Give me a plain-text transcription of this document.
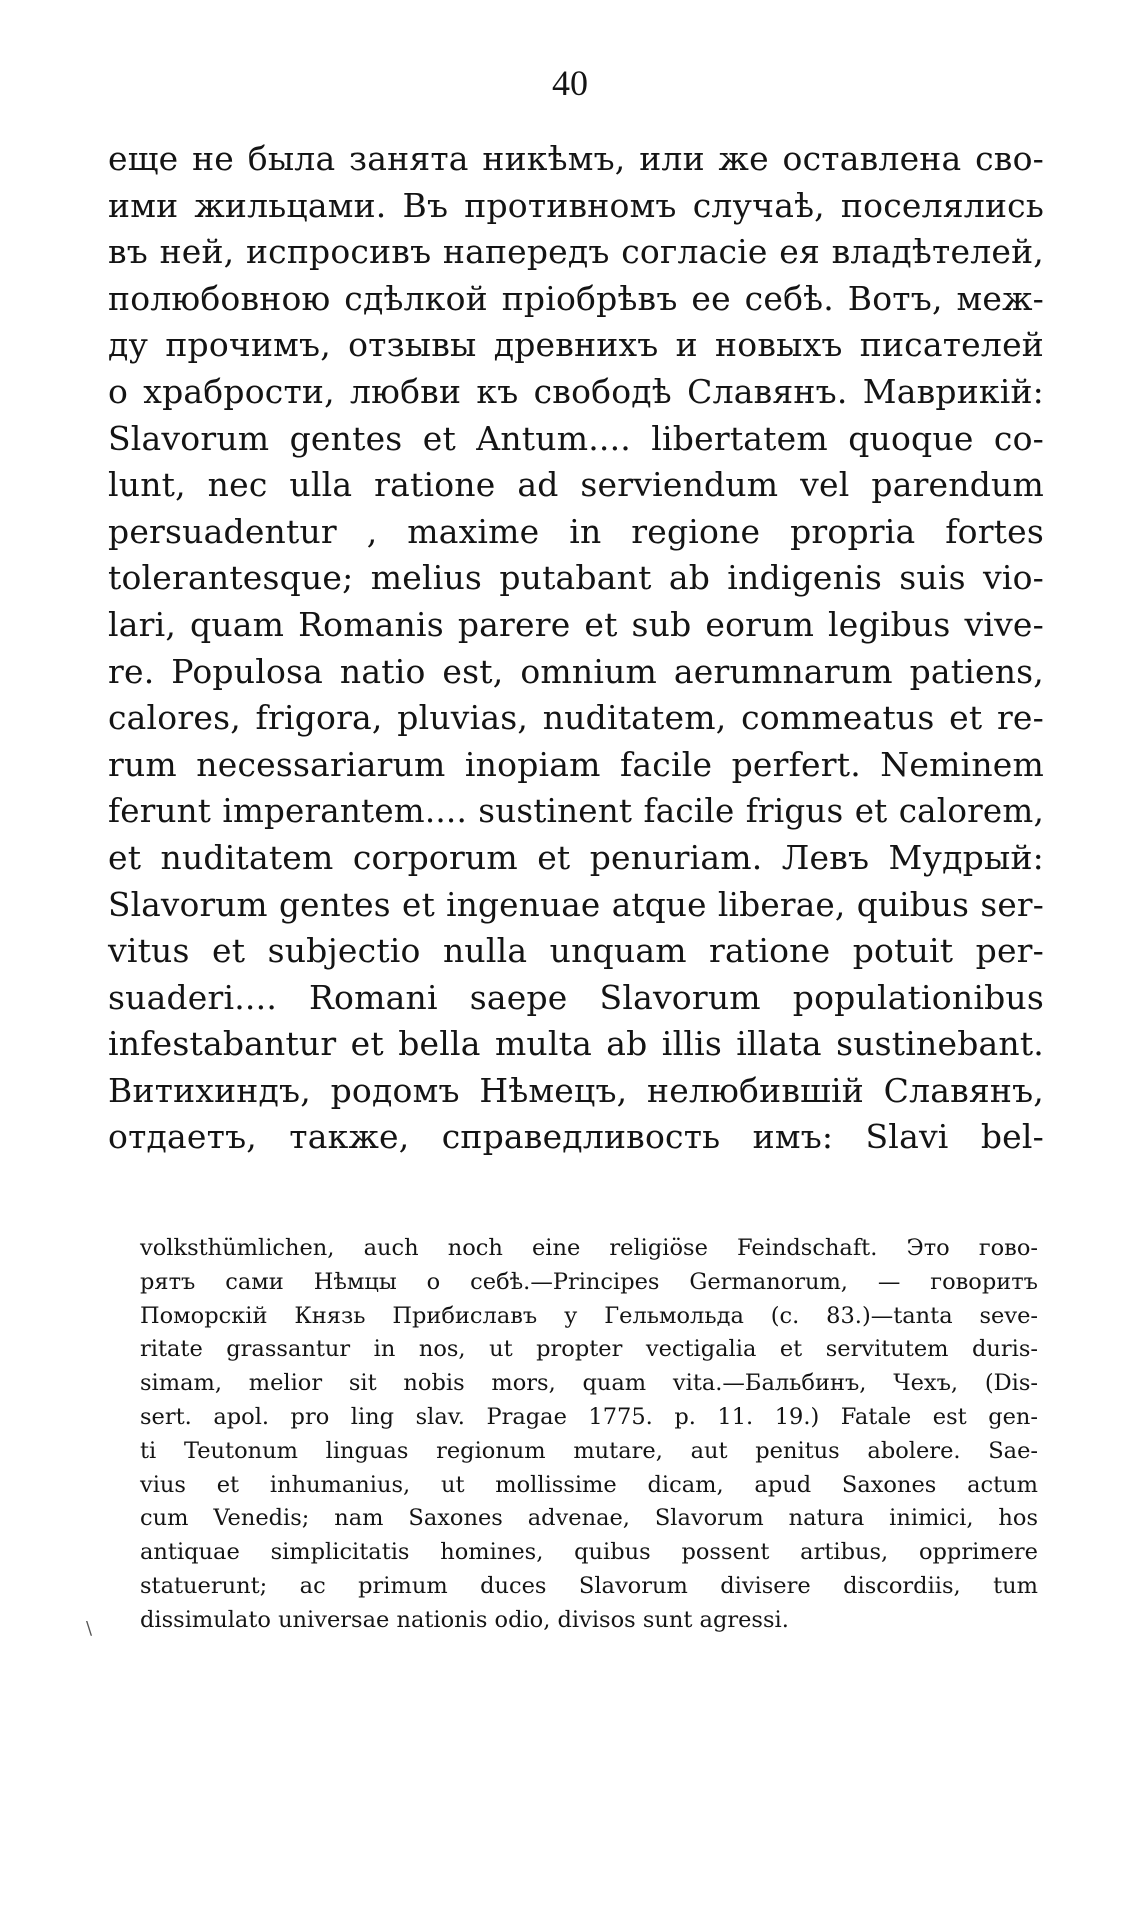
40
еще не была занята никѣмъ, или же оставлена сво-
ими жильцами. Въ противномъ случаѣ, поселялись
въ ней, испросивъ напередъ согласіе ея владѣтелей,
полюбовною сдѣлкой пріобрѣвъ ее себѣ. Вотъ, меж-
ду прочимъ, отзывы древнихъ и новыхъ писателей
о храбрости, любви къ свободѣ Славянъ. Маврикій:
Slavorum gentes et Antum.... libertatem quoque co-
lunt, nec ulla ratione ad serviendum vel parendum
persuadentur , maxime in regione propria fortes
tolerantesque; melius putabant ab indigenis suis vio-
lari, quam Romanis parere et sub eorum legibus vive-
re. Populosa natio est, omnium aerumnarum patiens,
calores, frigora, pluvias, nuditatem, commeatus et re-
rum necessariarum inopiam facile perfert. Neminem
ferunt imperantem.... sustinent facile frigus et calorem,
et nuditatem corporum et penuriam. Левъ Мудрый:
Slavorum gentes et ingenuae atque liberae, quibus ser-
vitus et subjectio nulla unquam ratione potuit per-
suaderi.... Romani saepe Slavorum populationibus
infestabantur et bella multa ab illis illata sustinebant.
Витихиндъ, родомъ Нѣмецъ, нелюбившій Славянъ,
отдаетъ, также, справедливость имъ: Slavi bel-
volksthümlichen, auch noch eine religiöse Feindschaft. Это гово-
рятъ сами Нѣмцы о себѣ.—Principes Germanorum, — говоритъ
Поморскій Князь Прибиславъ у Гельмольда (с. 83.)—tanta seve-
ritate grassantur in nos, ut propter vectigalia et servitutem duris-
simam, melior sit nobis mors, quam vita.—Бальбинъ, Чехъ, (Dis-
sert. apol. pro ling slav. Pragae 1775. p. 11. 19.) Fatale est gen-
ti Teutonum linguas regionum mutare, aut penitus abolere. Sae-
vius et inhumanius, ut mollissime dicam, apud Saxones actum
cum Venedis; nam Saxones advenae, Slavorum natura inimici, hos
antiquae simplicitatis homines, quibus possent artibus, opprimere
statuerunt; ac primum duces Slavorum divisere discordiis, tum
dissimulato universae nationis odio, divisos sunt agressi.
\
